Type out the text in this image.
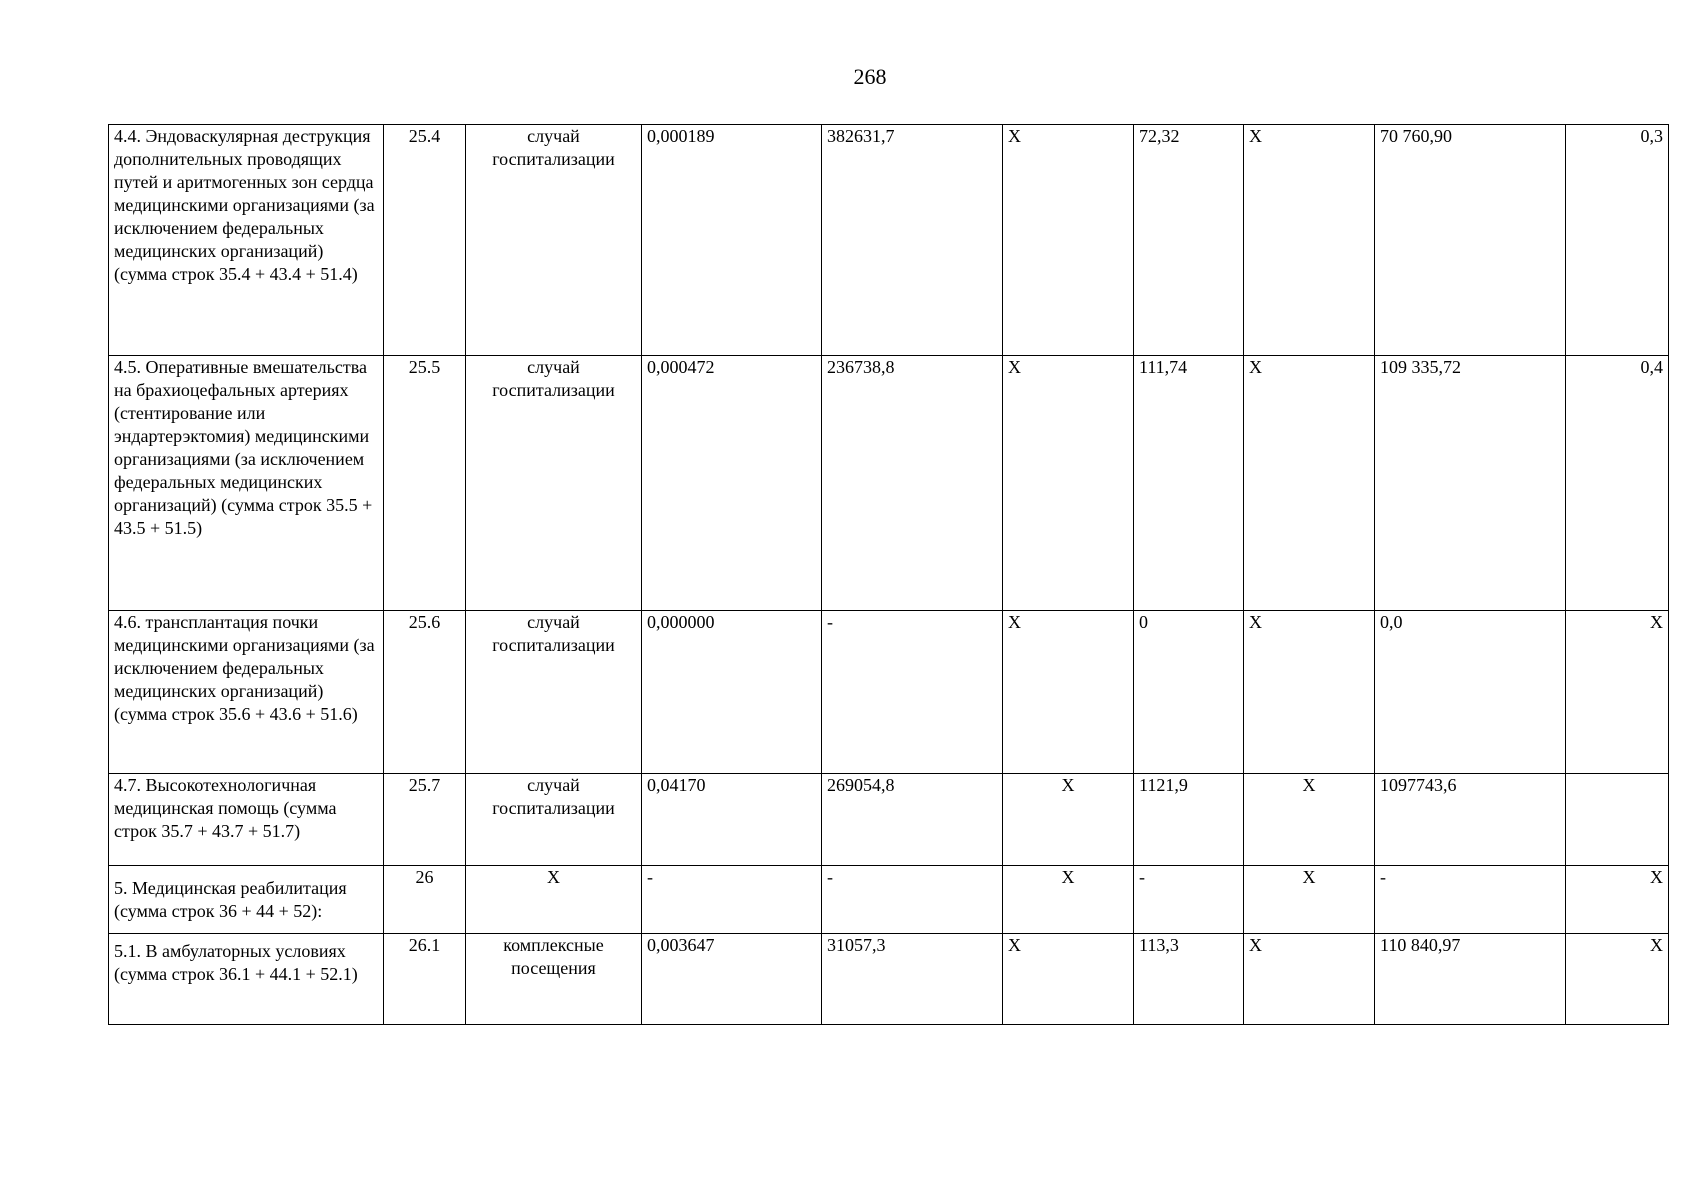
268
4.4. Эндоваскулярная деструкция дополнительных проводящих путей и аритмогенных зон сердца медицинскими организациями (за исключением федеральных медицинских организаций) (сумма строк 35.4 + 43.4 + 51.4)	25.4	случай госпитализации	0,000189	382631,7	X	72,32	X	70 760,90	0,3
4.5. Оперативные вмешательства на брахиоцефальных артериях (стентирование или эндартерэктомия) медицинскими организациями (за исключением федеральных медицинских организаций) (сумма строк 35.5 + 43.5 + 51.5)	25.5	случай госпитализации	0,000472	236738,8	X	111,74	X	109 335,72	0,4
4.6. трансплантация почки медицинскими организациями (за исключением федеральных медицинских организаций) (сумма строк 35.6 + 43.6 + 51.6)	25.6	случай госпитализации	0,000000	-	X	0	X	0,0	X
4.7. Высокотехнологичная медицинская помощь (сумма строк 35.7 + 43.7 + 51.7)	25.7	случай госпитализации	0,04170	269054,8	X	1121,9	X	1097743,6	
5. Медицинская реабилитация (сумма строк 36 + 44 + 52):	26	X	-	-	X	-	X	-	X
5.1. В амбулаторных условиях (сумма строк 36.1 + 44.1 + 52.1)	26.1	комплексные посещения	0,003647	31057,3	X	113,3	X	110 840,97	X
